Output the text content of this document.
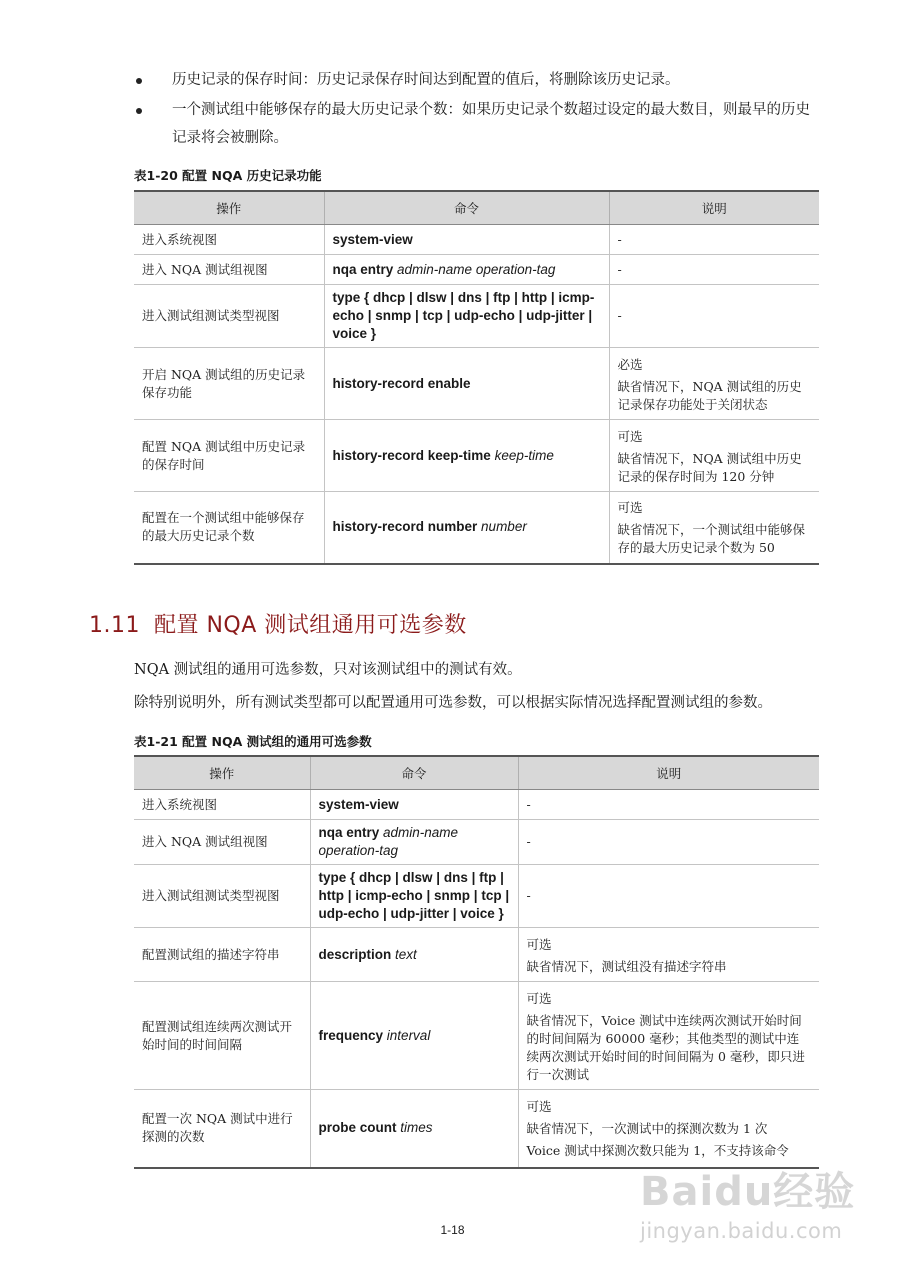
历史记录的保存时间：历史记录保存时间达到配置的值后，将删除该历史记录。
一个测试组中能够保存的最大历史记录个数：如果历史记录个数超过设定的最大数目，则最早的历史记录将会被删除。
表1-20 配置 NQA 历史记录功能
操作	命令	说明
进入系统视图	system-view	-
进入 NQA 测试组视图	nqa entry admin-name operation-tag	-
进入测试组测试类型视图	type { dhcp | dlsw | dns | ftp | http | icmp-echo | snmp | tcp | udp-echo | udp-jitter | voice }	-
开启 NQA 测试组的历史记录保存功能	history-record enable	必选
缺省情况下，NQA 测试组的历史记录保存功能处于关闭状态

配置 NQA 测试组中历史记录的保存时间	history-record keep-time keep-time	可选
缺省情况下，NQA 测试组中历史记录的保存时间为 120 分钟

配置在一个测试组中能够保存的最大历史记录个数	history-record number number	可选
缺省情况下，一个测试组中能够保存的最大历史记录个数为 50
1.11 配置 NQA 测试组通用可选参数
NQA 测试组的通用可选参数，只对该测试组中的测试有效。
除特别说明外，所有测试类型都可以配置通用可选参数，可以根据实际情况选择配置测试组的参数。
表1-21 配置 NQA 测试组的通用可选参数
操作	命令	说明
进入系统视图	system-view	-
进入 NQA 测试组视图	nqa entry admin-name operation-tag	-
进入测试组测试类型视图	type { dhcp | dlsw | dns | ftp | http | icmp-echo | snmp | tcp | udp-echo | udp-jitter | voice }	-
配置测试组的描述字符串	description text	可选
缺省情况下，测试组没有描述字符串

配置测试组连续两次测试开始时间的时间间隔	frequency interval	可选
缺省情况下，Voice 测试中连续两次测试开始时间的时间间隔为 60000 毫秒；其他类型的测试中连续两次测试开始时间的时间间隔为 0 毫秒，即只进行一次测试

配置一次 NQA 测试中进行探测的次数	probe count times	可选
缺省情况下，一次测试中的探测次数为 1 次
Voice 测试中探测次数只能为 1，不支持该命令
1-18
Baidu经验
jingyan.baidu.com
